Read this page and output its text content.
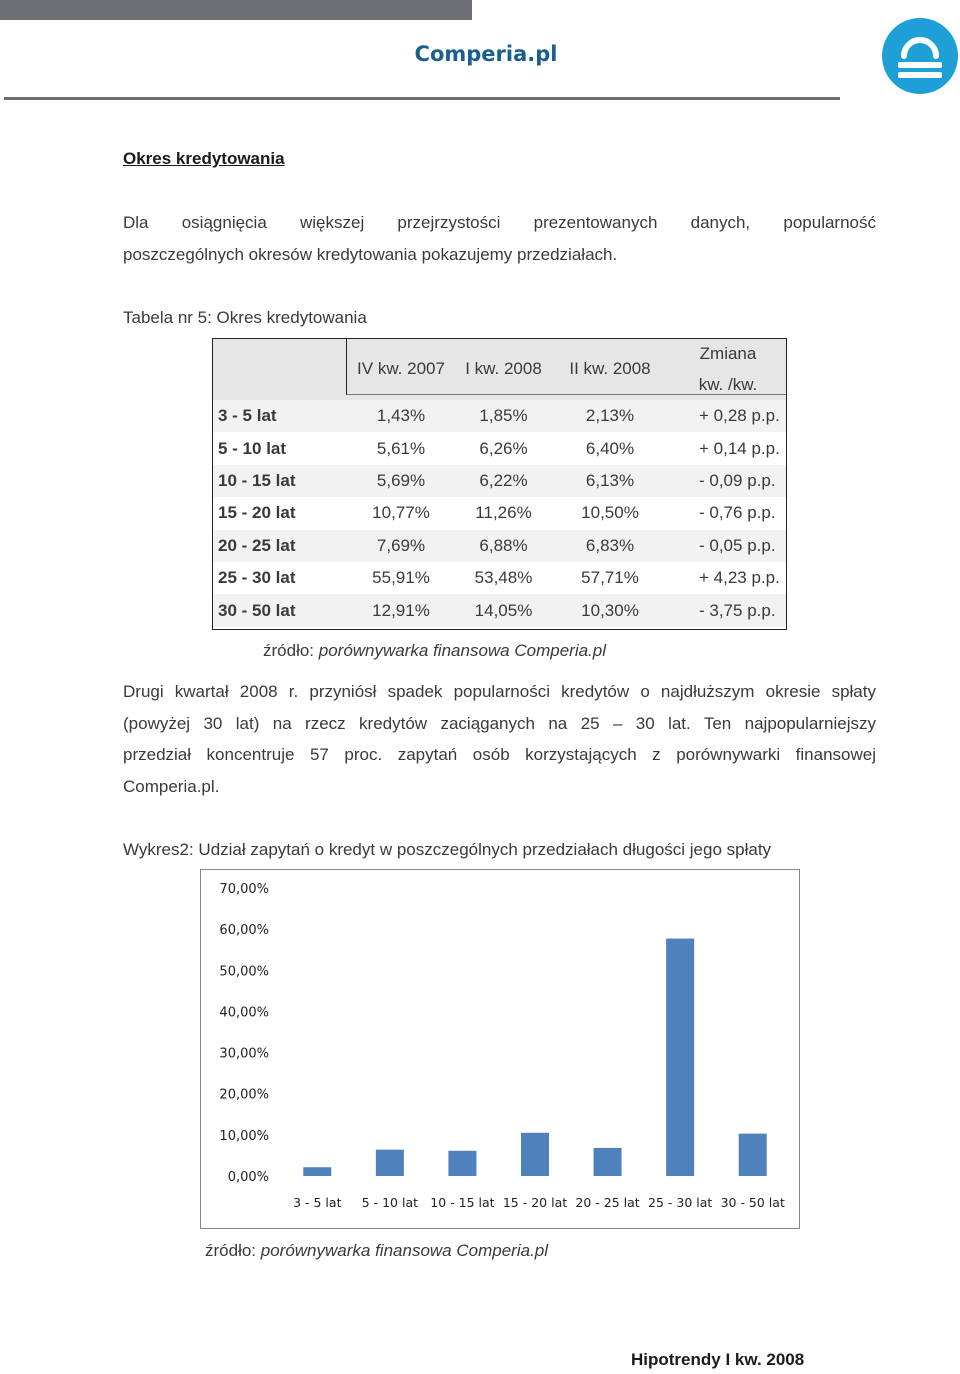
Comperia.pl
Okres kredytowania
Dla osiągnięcia większej przejrzystości prezentowanych danych, popularność
poszczególnych okresów kredytowania pokazujemy przedziałach.
Tabela nr 5: Okres kredytowania
	IV kw. 2007	I kw. 2008	II kw. 2008	Zmiana
kw. /kw.
3 - 5 lat	1,43%	1,85%	2,13%	+ 0,28 p.p.
5 - 10 lat	5,61%	6,26%	6,40%	+ 0,14 p.p.
10 - 15 lat	5,69%	6,22%	6,13%	- 0,09 p.p.
15 - 20 lat	10,77%	11,26%	10,50%	- 0,76 p.p.
20 - 25 lat	7,69%	6,88%	6,83%	- 0,05 p.p.
25 - 30 lat	55,91%	53,48%	57,71%	+ 4,23 p.p.
30 - 50 lat	12,91%	14,05%	10,30%	- 3,75 p.p.
źródło: porównywarka finansowa Comperia.pl
Drugi kwartał 2008 r. przyniósł spadek popularności kredytów o najdłuższym okresie spłaty
(powyżej 30 lat) na rzecz kredytów zaciąganych na 25 – 30 lat. Ten najpopularniejszy
przedział koncentruje 57 proc. zapytań osób korzystających z porównywarki finansowej
Comperia.pl.
Wykres2: Udział zapytań o kredyt w poszczególnych przedziałach długości jego spłaty
0,00%
10,00%
20,00%
30,00%
40,00%
50,00%
60,00%
70,00%
3 - 5 lat 5 - 10 lat 10 - 15 lat 15 - 20 lat 20 - 25 lat 25 - 30 lat 30 - 50 lat
źródło: porównywarka finansowa Comperia.pl
Hipotrendy I kw. 2008
